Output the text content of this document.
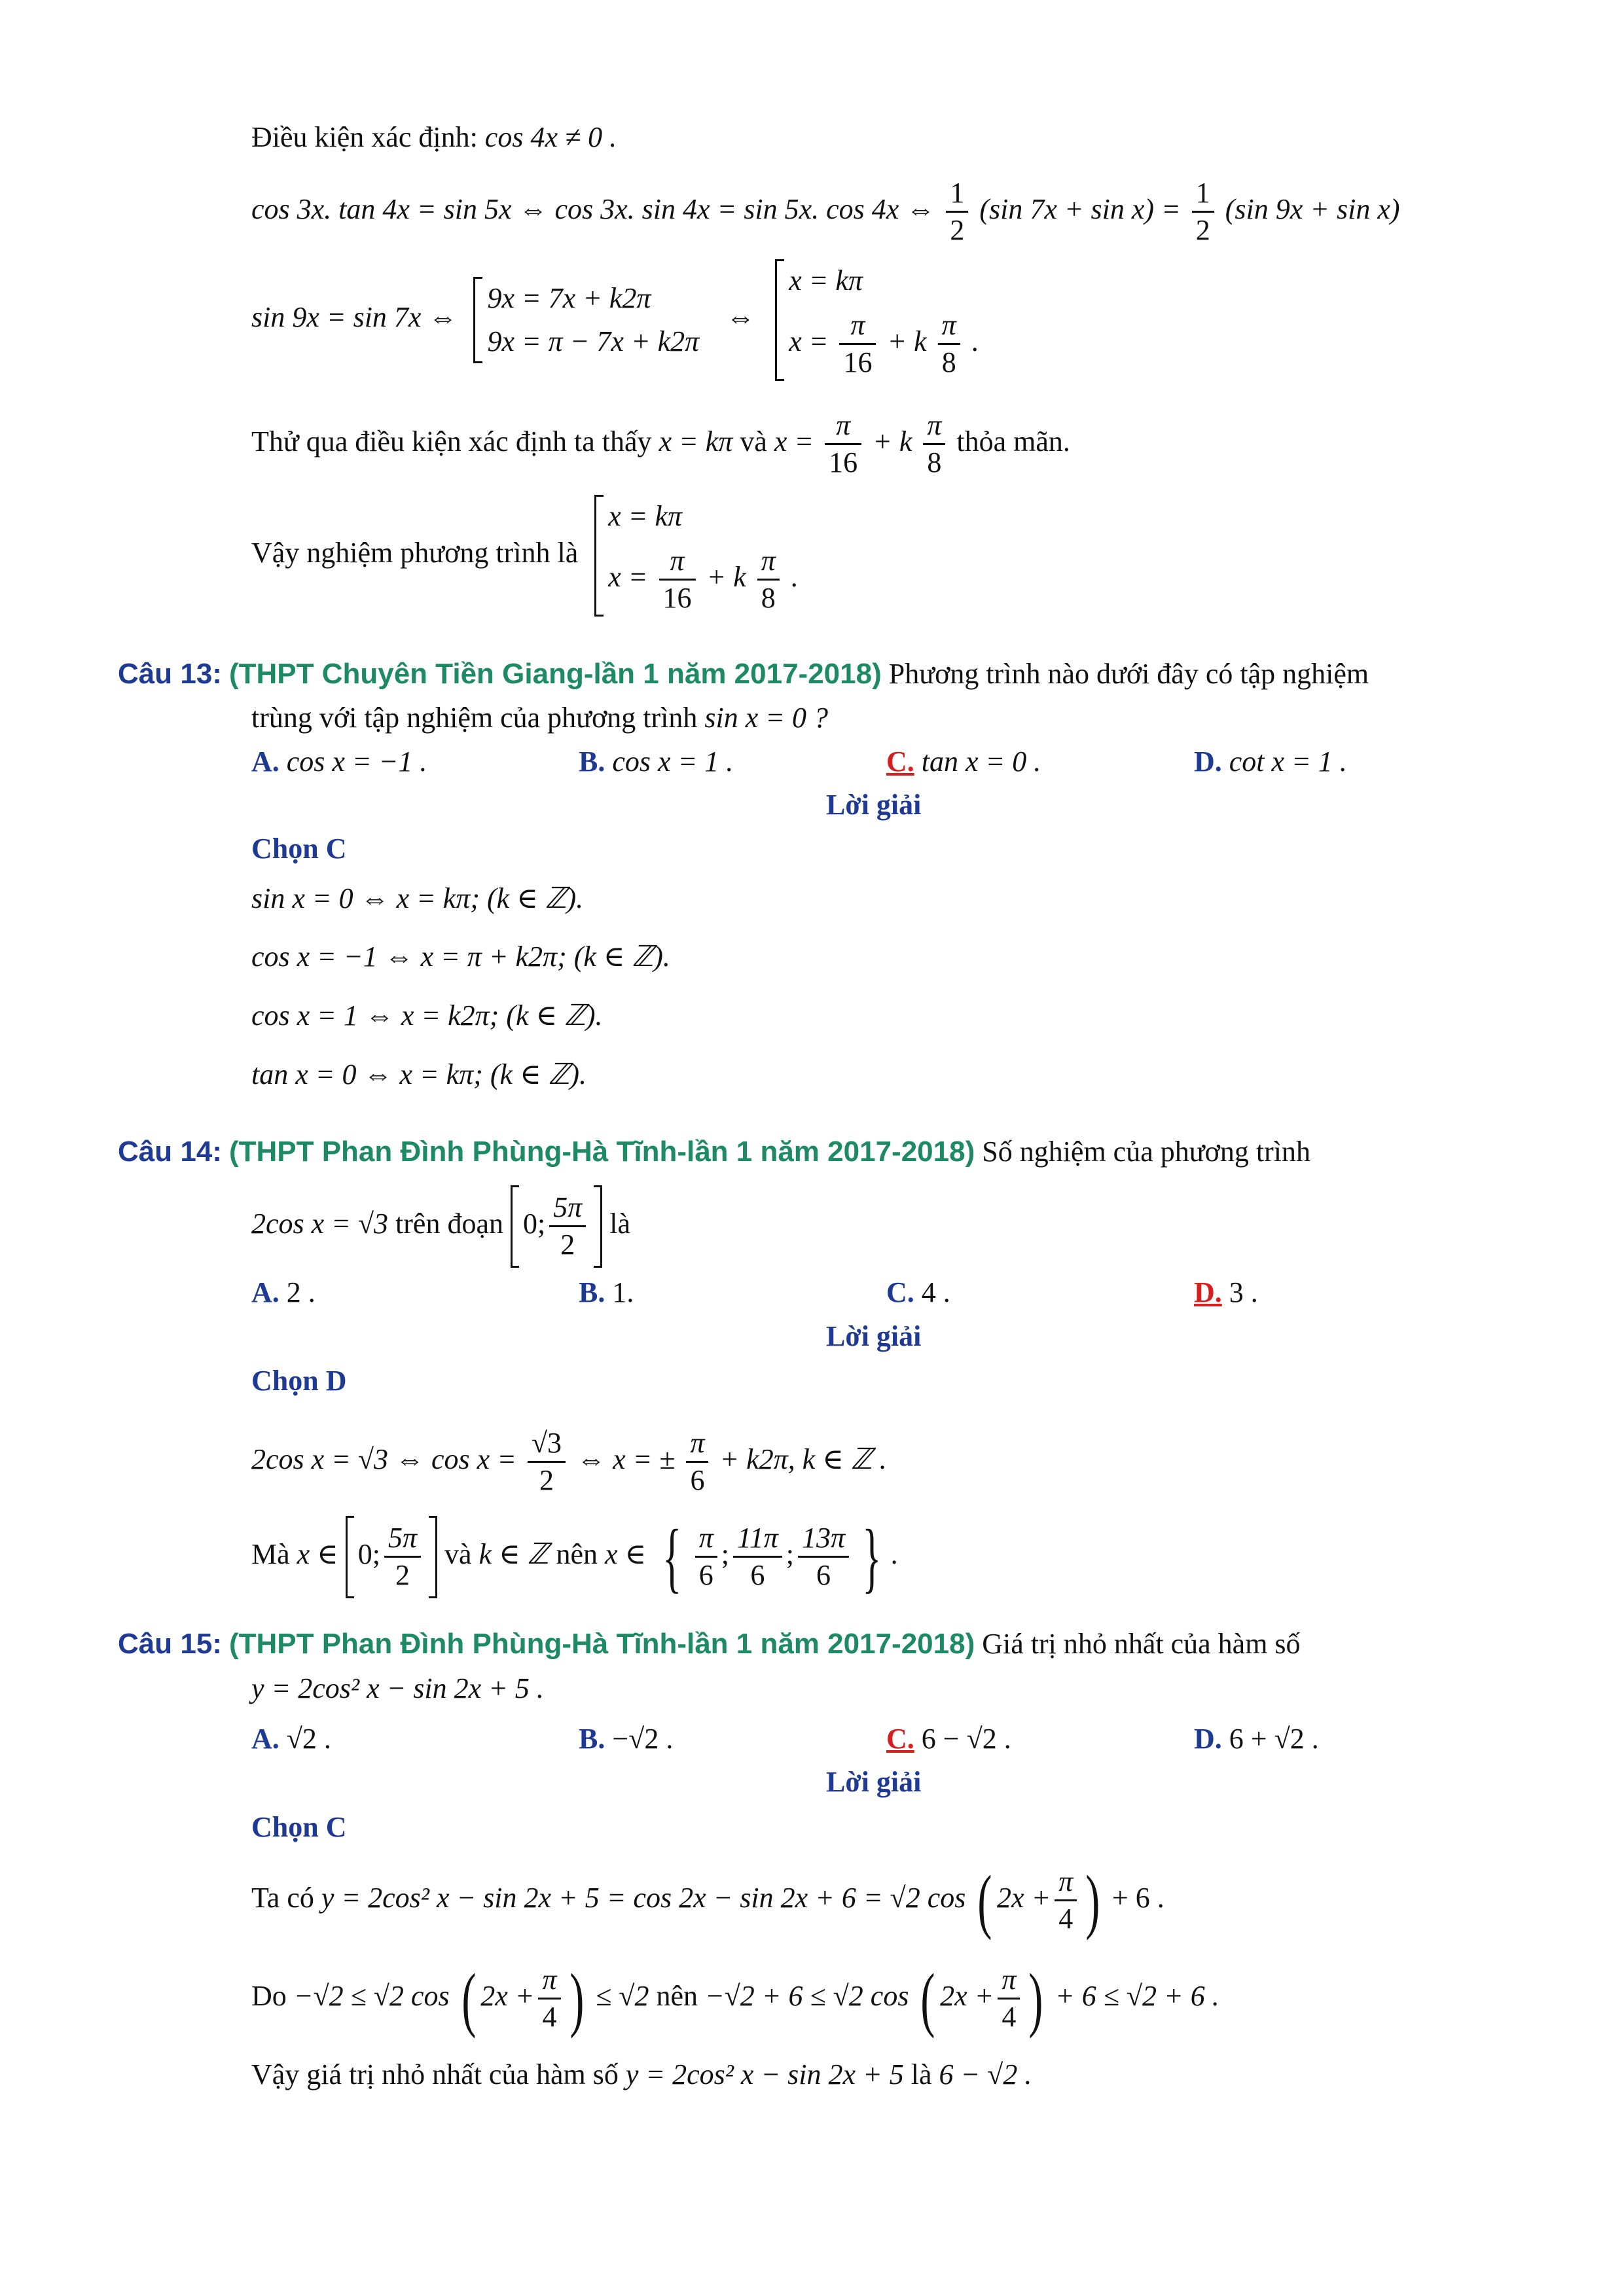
Điều kiện xác định: cos 4x ≠ 0 .
cos 3x. tan 4x = sin 5x ⇔ cos 3x. sin 4x = sin 5x. cos 4x ⇔ $\frac{1}{2} (\sin$ $7x + \sin x) = \frac{1}{2} (\sin$ 9x + sin x)
sin 9x = sin 7x ⇔
9x = 7x + k2π
9x = π − 7x + k2π
⇔
x = kπ
$x = \frac{\pi}{16} + k \frac{\pi}{8}$ .
Thử qua điều kiện xác định ta thấy x = kπ và $x = \frac{\pi}{16} + k \frac{\pi}{8}$ thỏa mãn.
Vậy nghiệm phương trình là
x = kπ
$x = \frac{\pi}{16} + k \frac{\pi}{8}$ .
Câu 13: (THPT Chuyên Tiền Giang-lần 1 năm 2017-2018) Phương trình nào dưới đây có tập nghiệm
trùng với tập nghiệm của phương trình sin x = 0 ?
A. cos x = −1 .	B. cos x = 1 .	C. tan x = 0 .	D. cot x = 1 .
Lời giải
Chọn C
sin x = 0 ⇔ x = kπ; (k ∈ ℤ).
cos x = −1 ⇔ x = π + k2π; (k ∈ ℤ).
cos x = 1 ⇔ x = k2π; (k ∈ ℤ).
tan x = 0 ⇔ x = kπ; (k ∈ ℤ).
Câu 14: (THPT Phan Đình Phùng-Hà Tĩnh-lần 1 năm 2017-2018) Số nghiệm của phương trình
2cos x = √3 trên đoạn 0; $\frac{5\pi}{2}$ là
A. 2 .	B. 1.	C. 4 .	D. 3 .
Lời giải
Chọn D
2cos x = √3 ⇔ $\cos x = \frac{√3}{2}$ ⇔ x = ± $\frac{\pi}{6} + k2\pi$, k ∈ ℤ .
Mà x ∈ 0; $\frac{5\pi}{2}$ và k ∈ ℤ nên x ∈ { $\frac{\pi}{6}$ ; $\frac{11\pi}{6}$ ; $\frac{13\pi}{6}$ } .
Câu 15: (THPT Phan Đình Phùng-Hà Tĩnh-lần 1 năm 2017-2018) Giá trị nhỏ nhất của hàm số
y = 2cos² x − sin 2x + 5 .
A. √2 .	B. −√2 .	C. 6 − √2 .	D. 6 + √2 .
Lời giải
Chọn C
Ta có y = 2cos² x − sin 2x + 5 = cos 2x − sin 2x + 6 = √2 cos ( $2x + \frac{\pi}{4}$ ) + 6 .
Do −√2 ≤ √2 cos ( $2x + \frac{\pi}{4}$ ) ≤ √2 nên −√2 + 6 ≤ √2 cos ( $2x + \frac{\pi}{4}$ ) + 6 ≤ √2 + 6 .
Vậy giá trị nhỏ nhất của hàm số y = 2cos² x − sin 2x + 5 là 6 − √2 .
